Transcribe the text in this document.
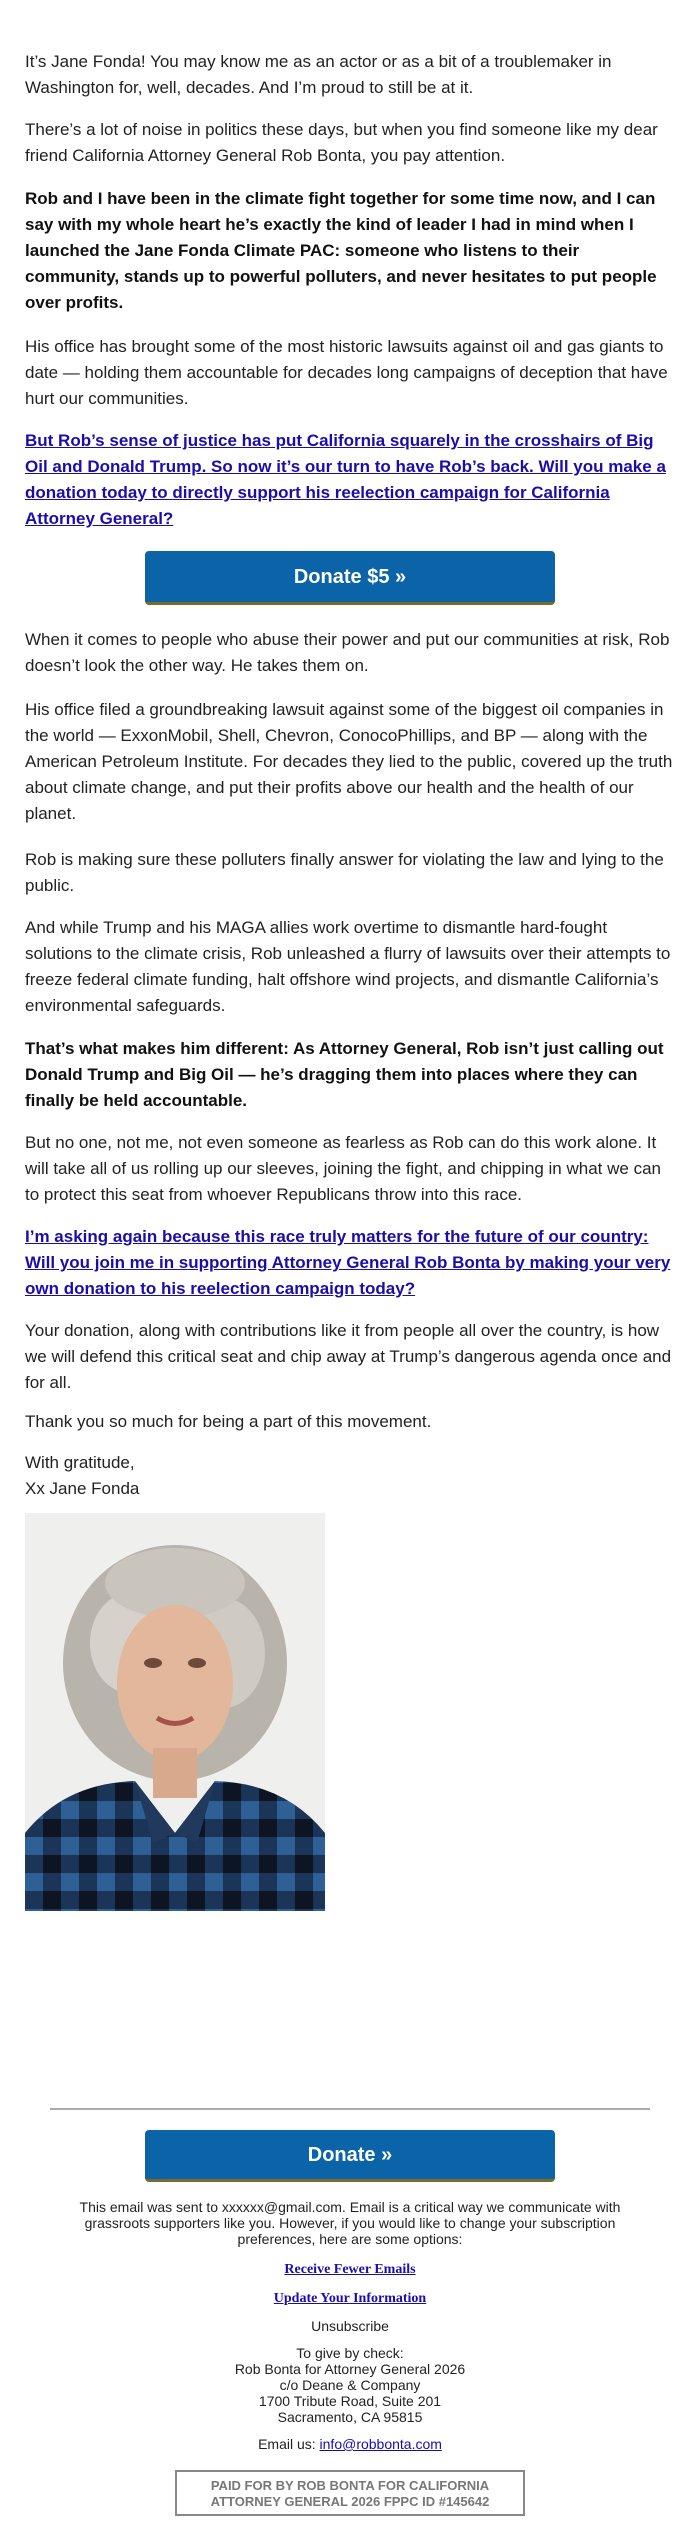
It’s Jane Fonda! You may know me as an actor or as a bit of a troublemaker in Washington for, well, decades. And I’m proud to still be at it.

There’s a lot of noise in politics these days, but when you find someone like my dear friend California Attorney General Rob Bonta, you pay attention.

Rob and I have been in the climate fight together for some time now, and I can say with my whole heart he’s exactly the kind of leader I had in mind when I launched the Jane Fonda Climate PAC: someone who listens to their community, stands up to powerful polluters, and never hesitates to put people over profits.

His office has brought some of the most historic lawsuits against oil and gas giants to date — holding them accountable for decades long campaigns of deception that have hurt our communities.

But Rob’s sense of justice has put California squarely in the crosshairs of Big Oil and Donald Trump. So now it’s our turn to have Rob’s back. Will you make a donation today to directly support his reelection campaign for California Attorney General?

When it comes to people who abuse their power and put our communities at risk, Rob doesn’t look the other way. He takes them on.

His office filed a groundbreaking lawsuit against some of the biggest oil companies in the world — ExxonMobil, Shell, Chevron, ConocoPhillips, and BP — along with the American Petroleum Institute. For decades they lied to the public, covered up the truth about climate change, and put their profits above our health and the health of our planet.

Rob is making sure these polluters finally answer for violating the law and lying to the public.

And while Trump and his MAGA allies work overtime to dismantle hard-fought solutions to the climate crisis, Rob unleashed a flurry of lawsuits over their attempts to freeze federal climate funding, halt offshore wind projects, and dismantle California’s environmental safeguards.

That’s what makes him different: As Attorney General, Rob isn’t just calling out Donald Trump and Big Oil — he’s dragging them into places where they can finally be held accountable.

But no one, not me, not even someone as fearless as Rob can do this work alone. It will take all of us rolling up our sleeves, joining the fight, and chipping in what we can to protect this seat from whoever Republicans throw into this race.

I’m asking again because this race truly matters for the future of our country: Will you join me in supporting Attorney General Rob Bonta by making your very own donation to his reelection campaign today?

Your donation, along with contributions like it from people all over the country, is how we will defend this critical seat and chip away at Trump’s dangerous agenda once and for all.

Thank you so much for being a part of this movement.

With gratitude,

Xx Jane Fonda

Donate $5 »
Donate »

This email was sent to xxxxxx@gmail.com. Email is a critical way we communicate with grassroots supporters like you. However, if you would like to change your subscription preferences, here are some options:

Receive Fewer Emails

Update Your Information

Unsubscribe

To give by check:

Rob Bonta for Attorney General 2026

c/o Deane & Company

1700 Tribute Road, Suite 201

Sacramento, CA 95815

Email us: info@robbonta.com

PAID FOR BY ROB BONTA FOR CALIFORNIA
ATTORNEY GENERAL 2026 FPPC ID #145642
